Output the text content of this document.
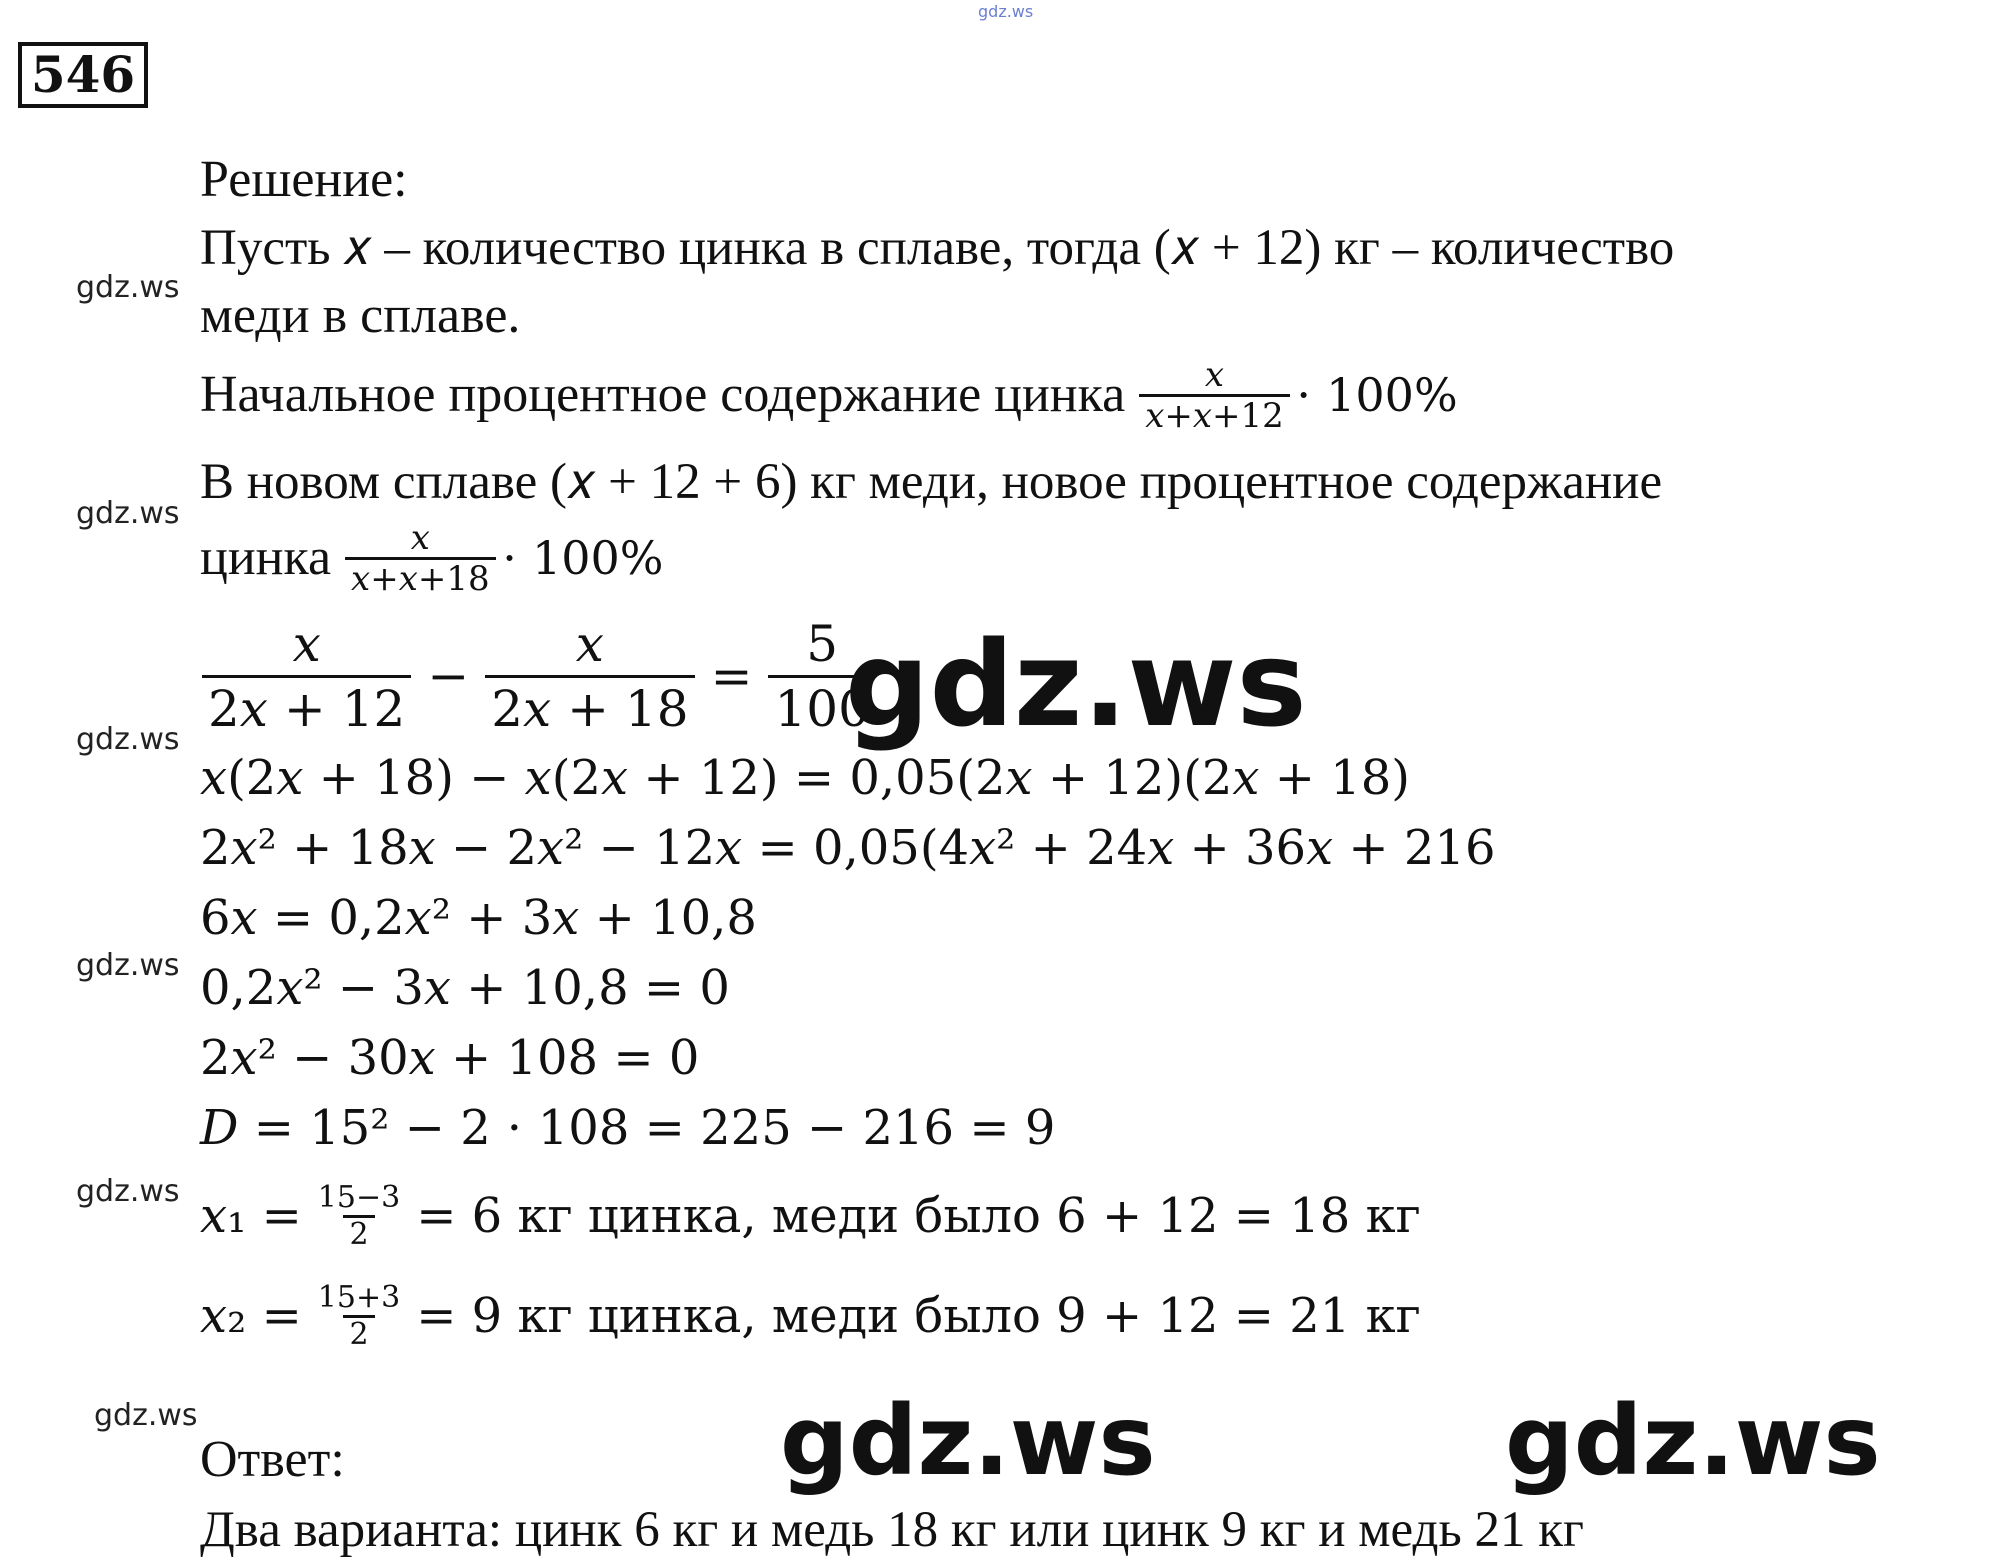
gdz.ws
546
Решение:
Пусть 𝑥 – количество цинка в сплаве, тогда (𝑥 + 12) кг – количество
меди в сплаве.
Начальное процентное содержание цинка $\frac{\text{𝑥}}{\text{𝑥+𝑥+12}} \cdot 100\%$
В новом сплаве (𝑥 + 12 + 6) кг меди, новое процентное содержание
цинка $\frac{\text{𝑥}}{\text{𝑥+𝑥+18}} \cdot 100\%$
$\frac{\text{𝑥}}{\text{2𝑥 + 12}} - \frac{\text{𝑥}}{\text{2𝑥 + 18}} = \frac{5}{100}$
𝑥(2𝑥 + 18) − 𝑥(2𝑥 + 12) = 0,05(2𝑥 + 12)(2𝑥 + 18)
2𝑥² + 18𝑥 − 2𝑥² − 12𝑥 = 0,05(4𝑥² + 24𝑥 + 36𝑥 + 216
6𝑥 = 0,2𝑥² + 3𝑥 + 10,8
0,2𝑥² − 3𝑥 + 10,8 = 0
2𝑥² − 30𝑥 + 108 = 0
𝐷 = 15² − 2 ⋅ 108 = 225 − 216 = 9
𝑥₁ = $\frac{15-3}{2} = 6$ кг цинка, меди было 6 + 12 = 18 кг
𝑥₂ = $\frac{15+3}{2} = 9$ кг цинка, меди было 9 + 12 = 21 кг
Ответ:
Два варианта: цинк 6 кг и медь 18 кг или цинк 9 кг и медь 21 кг
gdz.ws
gdz.ws
gdz.ws
gdz.ws
gdz.ws
gdz.ws
gdz.ws
gdz.ws	gdz.ws
